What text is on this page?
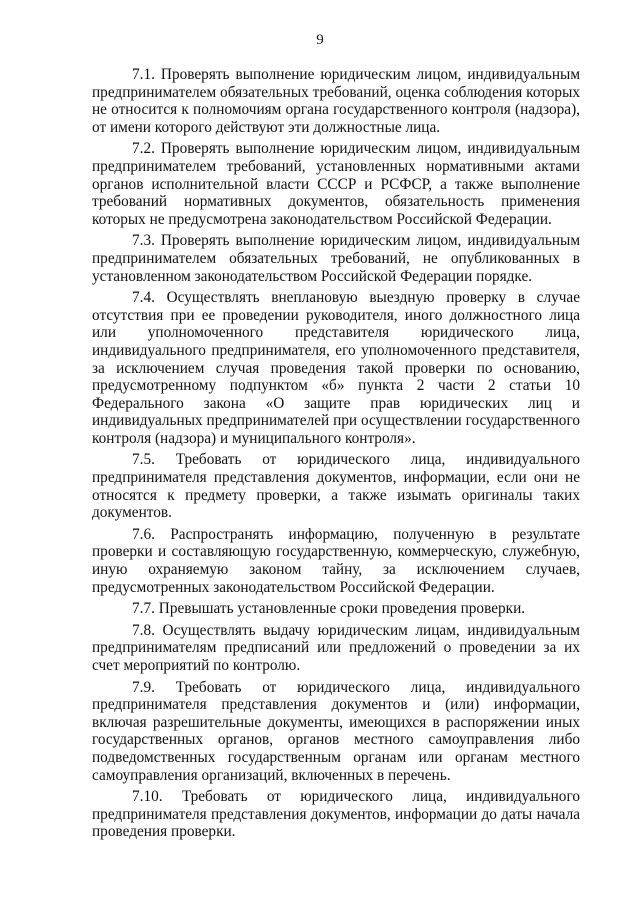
9

7.1. Проверять выполнение юридическим лицом, индивидуальным предпринимателем обязательных требований, оценка соблюдения которых не относится к полномочиям органа государственного контроля (надзора), от имени которого действуют эти должностные лица.

7.2. Проверять выполнение юридическим лицом, индивидуальным предпринимателем требований, установленных нормативными актами органов исполнительной власти СССР и РСФСР, а также выполнение требований нормативных документов, обязательность применения которых не предусмотрена законодательством Российской Федерации.

7.3. Проверять выполнение юридическим лицом, индивидуальным предпринимателем обязательных требований, не опубликованных в установленном законодательством Российской Федерации порядке.

7.4. Осуществлять внеплановую выездную проверку в случае отсутствия при ее проведении руководителя, иного должностного лица или уполномоченного представителя юридического лица, индивидуального предпринимателя, его уполномоченного представителя, за исключением случая проведения такой проверки по основанию, предусмотренному подпунктом «б» пункта 2 части 2 статьи 10 Федерального закона «О защите прав юридических лиц и индивидуальных предпринимателей при осуществлении государственного контроля (надзора) и муниципального контроля».

7.5. Требовать от юридического лица, индивидуального предпринимателя представления документов, информации, если они не относятся к предмету проверки, а также изымать оригиналы таких документов.

7.6. Распространять информацию, полученную в результате проверки и составляющую государственную, коммерческую, служебную, иную охраняемую законом тайну, за исключением случаев, предусмотренных законодательством Российской Федерации.

7.7. Превышать установленные сроки проведения проверки.

7.8. Осуществлять выдачу юридическим лицам, индивидуальным предпринимателям предписаний или предложений о проведении за их счет мероприятий по контролю.

7.9. Требовать от юридического лица, индивидуального предпринимателя представления документов и (или) информации, включая разрешительные документы, имеющихся в распоряжении иных государственных органов, органов местного самоуправления либо подведомственных государственным органам или органам местного самоуправления организаций, включенных в перечень.

7.10. Требовать от юридического лица, индивидуального предпринимателя представления документов, информации до даты начала проведения проверки.
